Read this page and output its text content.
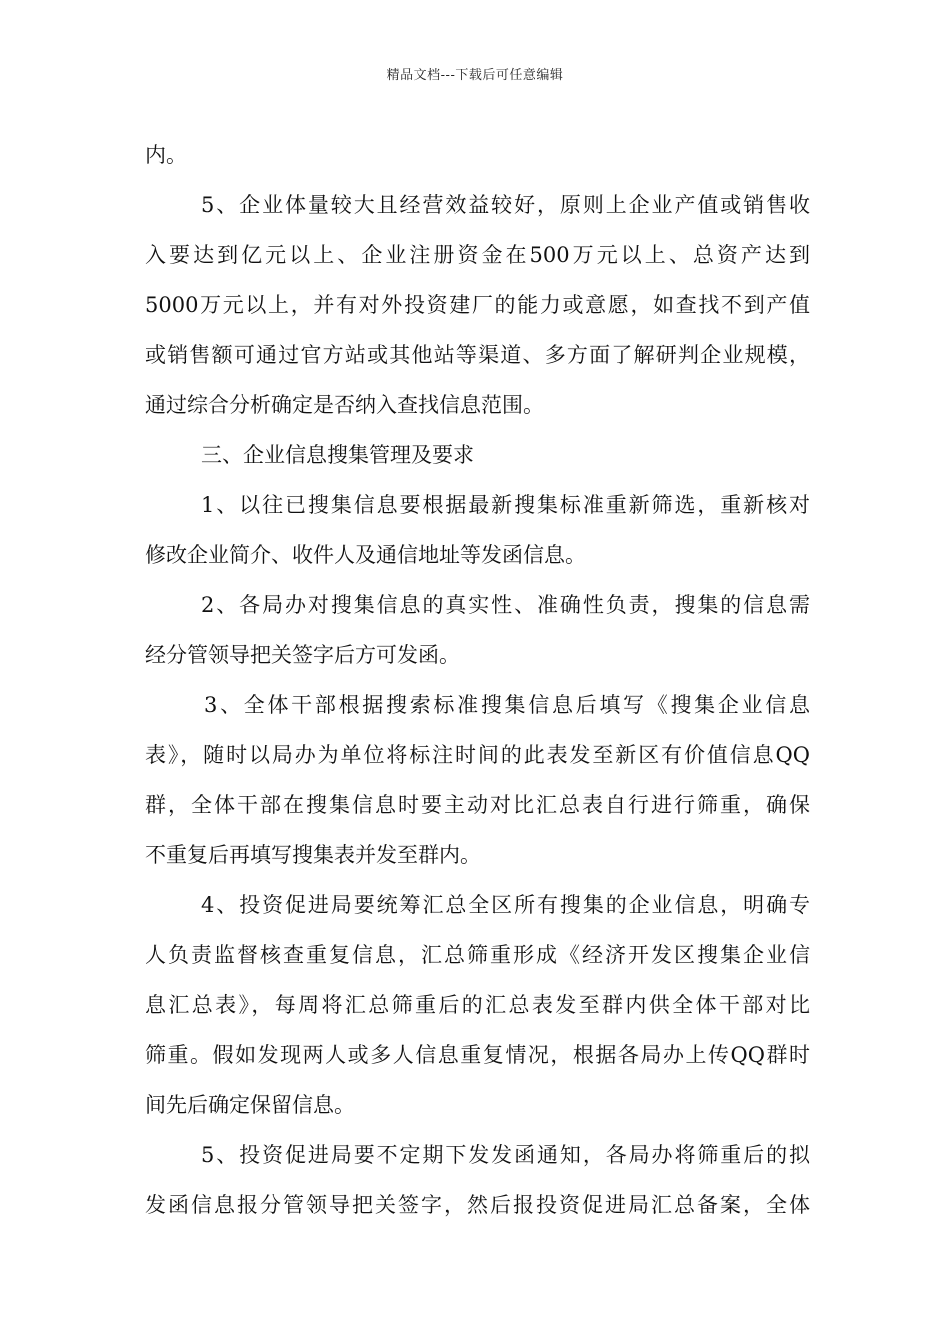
精品文档---下载后可任意编辑
内。
5、企业体量较大且经营效益较好，原则上企业产值或销售收
入要达到亿元以上、企业注册资金在500万元以上、总资产达到
5000万元以上，并有对外投资建厂的能力或意愿，如查找不到产值
或销售额可通过官方站或其他站等渠道、多方面了解研判企业规模，
通过综合分析确定是否纳入查找信息范围。
三、企业信息搜集管理及要求
1、以往已搜集信息要根据最新搜集标准重新筛选，重新核对
修改企业简介、收件人及通信地址等发函信息。
2、各局办对搜集信息的真实性、准确性负责，搜集的信息需
经分管领导把关签字后方可发函。
3、全体干部根据搜索标准搜集信息后填写《搜集企业信息
表》，随时以局办为单位将标注时间的此表发至新区有价值信息QQ
群，全体干部在搜集信息时要主动对比汇总表自行进行筛重，确保
不重复后再填写搜集表并发至群内。
4、投资促进局要统筹汇总全区所有搜集的企业信息，明确专
人负责监督核查重复信息，汇总筛重形成《经济开发区搜集企业信
息汇总表》，每周将汇总筛重后的汇总表发至群内供全体干部对比
筛重。假如发现两人或多人信息重复情况，根据各局办上传QQ群时
间先后确定保留信息。
5、投资促进局要不定期下发发函通知，各局办将筛重后的拟
发函信息报分管领导把关签字，然后报投资促进局汇总备案，全体
